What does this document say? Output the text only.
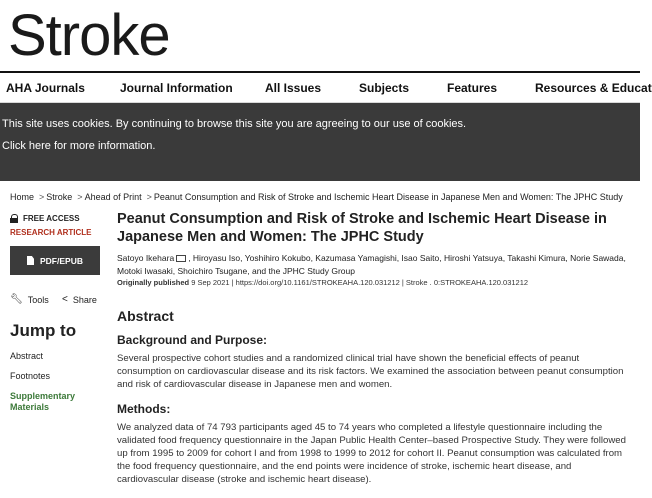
Stroke
AHA Journals	Journal Information	All Issues	Subjects	Features	Resources & Educat
This site uses cookies. By continuing to browse this site you are agreeing to our use of cookies.
Click here for more information.
Home > Stroke > Ahead of Print > Peanut Consumption and Risk of Stroke and Ischemic Heart Disease in Japanese Men and Women: The JPHC Study
FREE ACCESS
RESEARCH ARTICLE
PDF/EPUB
🔧︎ Tools < Share
Jump to
Abstract
Footnotes
Supplementary
Materials
Peanut Consumption and Risk of Stroke and Ischemic Heart Disease in
Japanese Men and Women: The JPHC Study
Satoyo Ikehara , Hiroyasu Iso, Yoshihiro Kokubo, Kazumasa Yamagishi, Isao Saito, Hiroshi Yatsuya, Takashi Kimura, Norie Sawada,
Motoki Iwasaki, Shoichiro Tsugane, and the JPHC Study Group
Originally published 9 Sep 2021 | https://doi.org/10.1161/STROKEAHA.120.031212 | Stroke . 0:STROKEAHA.120.031212
Abstract
Background and Purpose:
Several prospective cohort studies and a randomized clinical trial have shown the beneficial effects of peanut
consumption on cardiovascular disease and its risk factors. We examined the association between peanut consumption
and risk of cardiovascular disease in Japanese men and women.
Methods:
We analyzed data of 74 793 participants aged 45 to 74 years who completed a lifestyle questionnaire including the
validated food frequency questionnaire in the Japan Public Health Center–based Prospective Study. They were followed
up from 1995 to 2009 for cohort I and from 1998 to 1999 to 2012 for cohort II. Peanut consumption was calculated from
the food frequency questionnaire, and the end points were incidence of stroke, ischemic heart disease, and
cardiovascular disease (stroke and ischemic heart disease).
